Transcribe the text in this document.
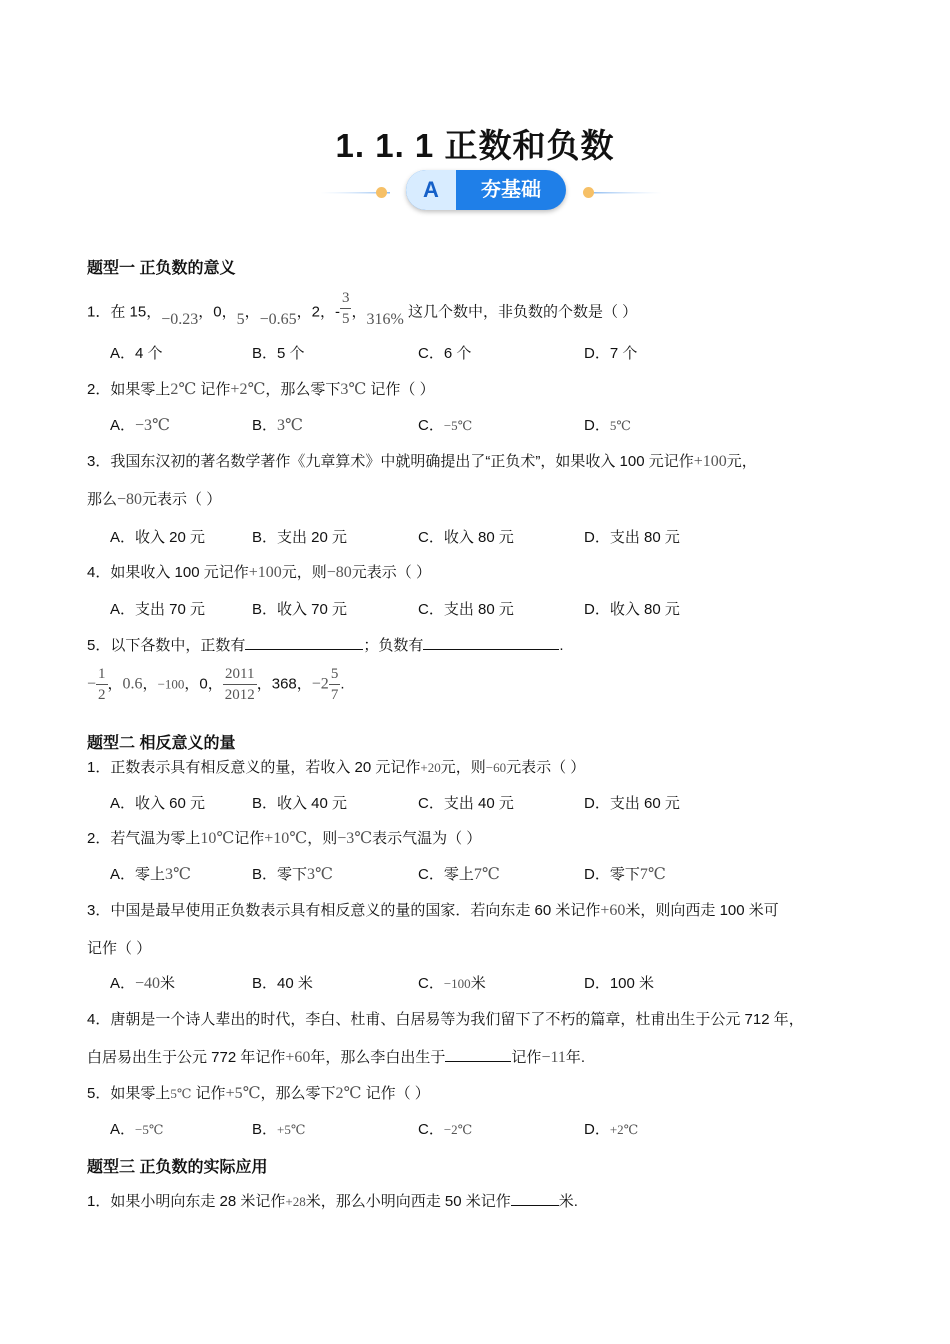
1. 1. 1 正数和负数
A	夯基础
题型一 正负数的意义
1．在 15，−0.23，0，5，−0.65，2，- $\frac{3}{5}$ ，316% 这几个数中，非负数的个数是（ ）
A．4 个	B．5 个	C．6 个	D．7 个
2．如果零上2℃ 记作+2℃，那么零下3℃ 记作（ ）
A．−3℃	B．3℃	C．−5℃	D．5℃
3．我国东汉初的著名数学著作《九章算术》中就明确提出了“正负术”，如果收入 100 元记作+100元，
那么−80元表示（ ）
A．收入 20 元	B．支出 20 元	C．收入 80 元	D．支出 80 元
4．如果收入 100 元记作+100元，则−80元表示（ ）
A．支出 70 元	B．收入 70 元	C．支出 80 元	D．收入 80 元
5．以下各数中，正数有	；负数有	.
− $\frac{1}{2}$ ，0.6，−100，0， $\frac{2011}{2012}$ ，368，$-2 \frac{5}{7}$ .
题型二 相反意义的量
1．正数表示具有相反意义的量，若收入 20 元记作+20元，则−60元表示（ ）
A．收入 60 元	B．收入 40 元	C．支出 40 元	D．支出 60 元
2．若气温为零上10℃记作+10℃，则−3℃表示气温为（ ）
A．零上3℃	B．零下3℃	C．零上7℃	D．零下7℃
3．中国是最早使用正负数表示具有相反意义的量的国家．若向东走 60 米记作+60米，则向西走 100 米可
记作（ ）
A．−40米	B．40 米	C．−100米	D．100 米
4．唐朝是一个诗人辈出的时代，李白、杜甫、白居易等为我们留下了不朽的篇章，杜甫出生于公元 712 年，
白居易出生于公元 772 年记作+60年，那么李白出生于	记作−11年.
5．如果零上5℃ 记作+5℃，那么零下2℃ 记作（ ）
A．−5℃	B．+5℃	C．−2℃	D．+2℃
题型三 正负数的实际应用
1．如果小明向东走 28 米记作+28米，那么小明向西走 50 米记作	米.
